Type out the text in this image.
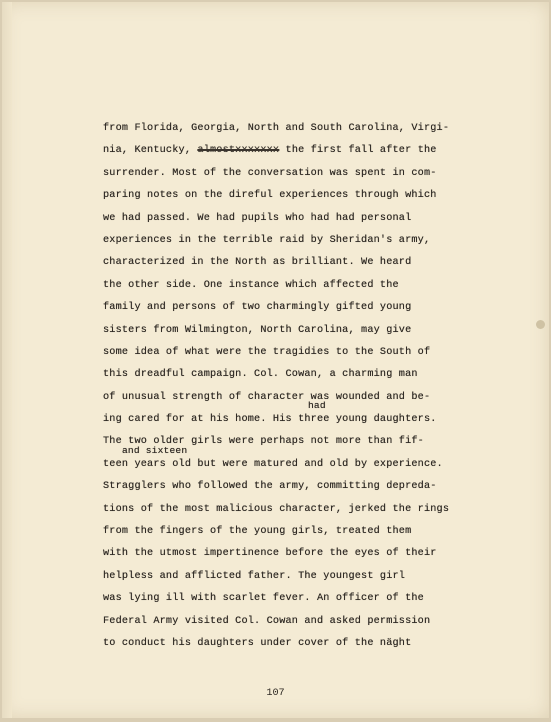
from Florida, Georgia, North and South Carolina, Virgi-
nia, Kentucky, almostxxxxxxx the first fall after the
surrender. Most of the conversation was spent in com-
paring notes on the direful experiences through which
we had passed. We had pupils who had had personal
experiences in the terrible raid by Sheridan's army,
characterized in the North as brilliant. We heard
the other side. One instance which affected the
family and persons of two charmingly gifted young
sisters from Wilmington, North Carolina, may give
some idea of what were the tragidies to the South of
this dreadful campaign. Col. Cowan, a charming man
of unusual strength of character was wounded and be-
had
ing cared for at his home. His three young daughters.
The two older girls were perhaps not more than fif-
and sixteen
teen years old but were matured and old by experience.
Stragglers who followed the army, committing depreda-
tions of the most malicious character, jerked the rings
from the fingers of the young girls, treated them
with the utmost impertinence before the eyes of their
helpless and afflicted father. The youngest girl
was lying ill with scarlet fever. An officer of the
Federal Army visited Col. Cowan and asked permission
to conduct his daughters under cover of the näght
107
